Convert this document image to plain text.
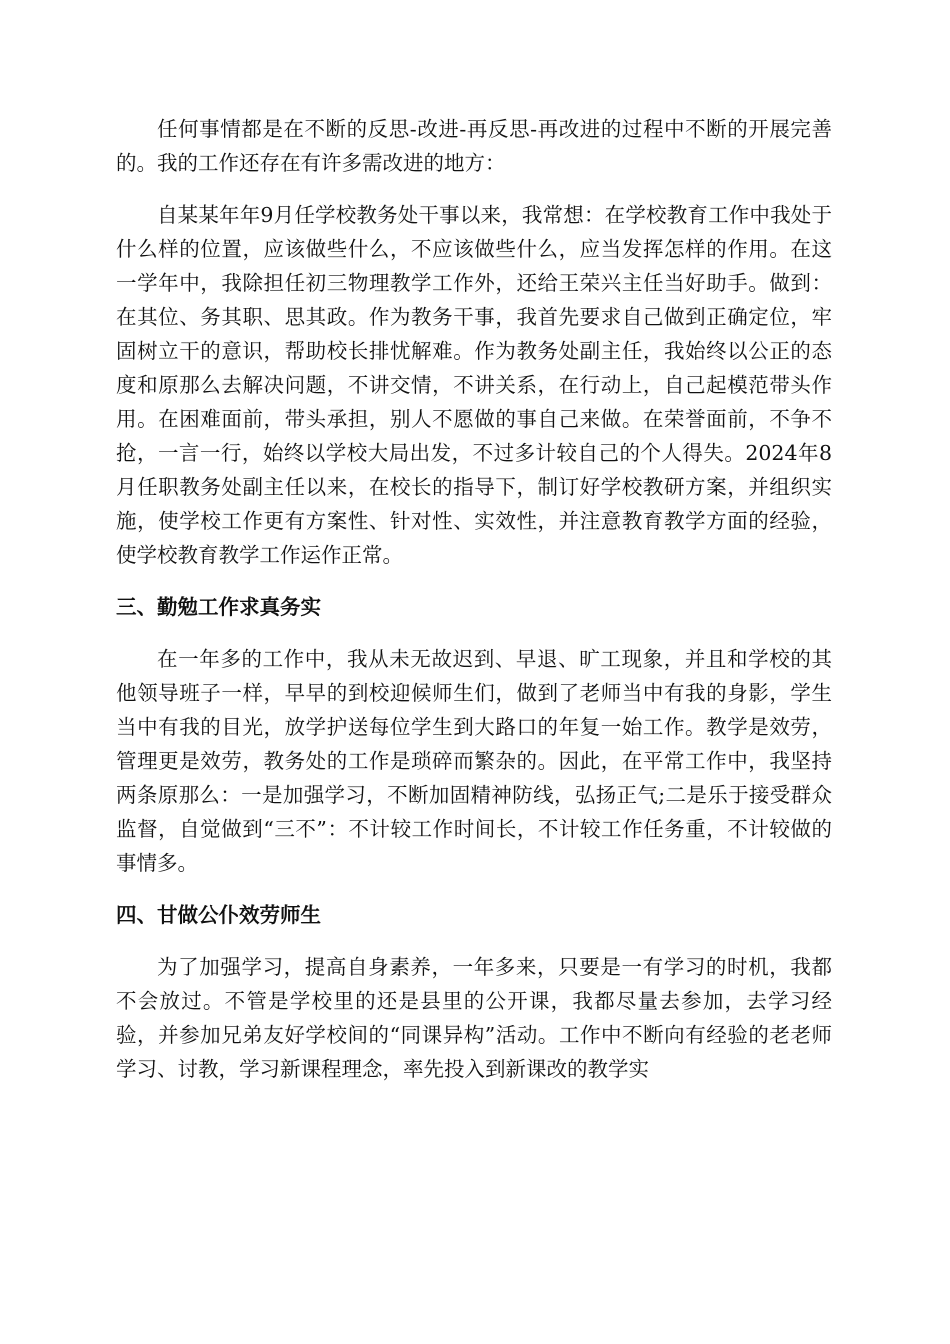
任何事情都是在不断的反思-改进-再反思-再改进的过程中不断的开展完善的。我的工作还存在有许多需改进的地方：

自某某年年9月任学校教务处干事以来，我常想：在学校教育工作中我处于什么样的位置，应该做些什么，不应该做些什么，应当发挥怎样的作用。在这一学年中，我除担任初三物理教学工作外，还给王荣兴主任当好助手。做到：在其位、务其职、思其政。作为教务干事，我首先要求自己做到正确定位，牢固树立干的意识，帮助校长排忧解难。作为教务处副主任，我始终以公正的态度和原那么去解决问题，不讲交情，不讲关系，在行动上，自己起模范带头作用。在困难面前，带头承担，别人不愿做的事自己来做。在荣誉面前，不争不抢，一言一行，始终以学校大局出发，不过多计较自己的个人得失。2024年8月任职教务处副主任以来，在校长的指导下，制订好学校教研方案，并组织实施，使学校工作更有方案性、针对性、实效性，并注意教育教学方面的经验，使学校教育教学工作运作正常。

三、勤勉工作求真务实

在一年多的工作中，我从未无故迟到、早退、旷工现象，并且和学校的其他领导班子一样，早早的到校迎候师生们，做到了老师当中有我的身影，学生当中有我的目光，放学护送每位学生到大路口的年复一始工作。教学是效劳，管理更是效劳，教务处的工作是琐碎而繁杂的。因此，在平常工作中，我坚持两条原那么：一是加强学习，不断加固精神防线，弘扬正气;二是乐于接受群众监督，自觉做到“三不”：不计较工作时间长，不计较工作任务重，不计较做的事情多。

四、甘做公仆效劳师生

为了加强学习，提高自身素养，一年多来，只要是一有学习的时机，我都不会放过。不管是学校里的还是县里的公开课，我都尽量去参加，去学习经验，并参加兄弟友好学校间的“同课异构”活动。工作中不断向有经验的老老师学习、讨教，学习新课程理念，率先投入到新课改的教学实
